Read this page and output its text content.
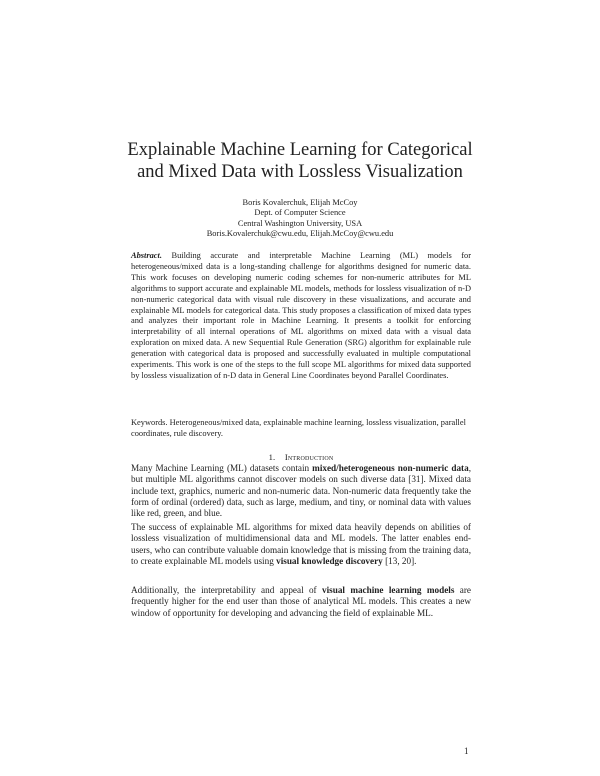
Explainable Machine Learning for Categorical
and Mixed Data with Lossless Visualization
Boris Kovalerchuk, Elijah McCoy
Dept. of Computer Science
Central Washington University, USA
Boris.Kovalerchuk@cwu.edu, Elijah.McCoy@cwu.edu
Abstract. Building accurate and interpretable Machine Learning (ML) models for heterogeneous/mixed data is a long-standing challenge for algorithms designed for numeric data. This work focuses on developing numeric coding schemes for non-numeric attributes for ML algorithms to support accurate and explainable ML models, methods for lossless visualization of n-D non-numeric categorical data with visual rule discovery in these visualizations, and accurate and explainable ML models for categorical data. This study proposes a classification of mixed data types and analyzes their important role in Machine Learning. It presents a toolkit for enforcing interpretability of all internal operations of ML algorithms on mixed data with a visual data exploration on mixed data. A new Sequential Rule Generation (SRG) algorithm for explainable rule generation with categorical data is proposed and successfully evaluated in multiple computational experiments. This work is one of the steps to the full scope ML algorithms for mixed data supported by lossless visualization of n-D data in General Line Coordinates beyond Parallel Coordinates.
Keywords. Heterogeneous/mixed data, explainable machine learning, lossless visualization, parallel coordinates, rule discovery.
1. Introduction
Many Machine Learning (ML) datasets contain mixed/heterogeneous non-numeric data, but multiple ML algorithms cannot discover models on such diverse data [31]. Mixed data include text, graphics, numeric and non-numeric data. Non-numeric data frequently take the form of ordinal (ordered) data, such as large, medium, and tiny, or nominal data with values like red, green, and blue.
The success of explainable ML algorithms for mixed data heavily depends on abilities of lossless visualization of multidimensional data and ML models. The latter enables end-users, who can contribute valuable domain knowledge that is missing from the training data, to create explainable ML models using visual knowledge discovery [13, 20].
Additionally, the interpretability and appeal of visual machine learning models are frequently higher for the end user than those of analytical ML models. This creates a new window of opportunity for developing and advancing the field of explainable ML.
1
